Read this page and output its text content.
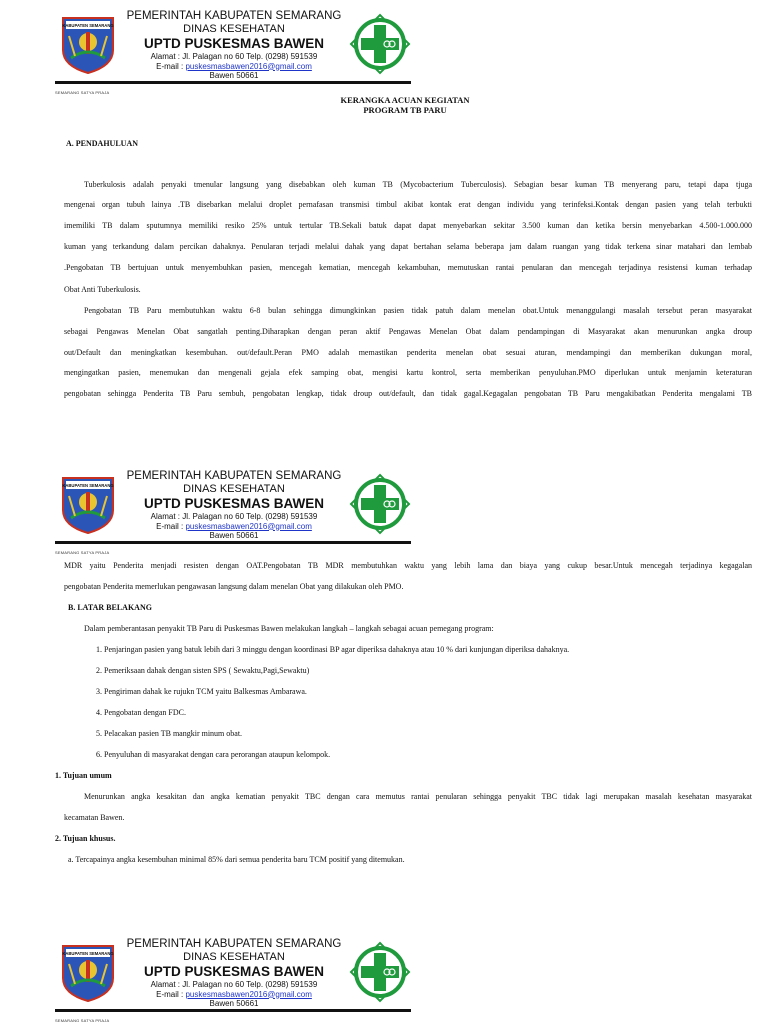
KABUPATEN SEMARANG
SEMARANG SATYA PRAJA
PEMERINTAH KABUPATEN SEMARANG
DINAS KESEHATAN
UPTD PUSKESMAS BAWEN
Alamat : Jl. Palagan no 60 Telp. (0298) 591539
E-mail : puskesmasbawen2016@gmail.com
Bawen 50661
KABUPATEN SEMARANG
SEMARANG SATYA PRAJA
PEMERINTAH KABUPATEN SEMARANG
DINAS KESEHATAN
UPTD PUSKESMAS BAWEN
Alamat : Jl. Palagan no 60 Telp. (0298) 591539
E-mail : puskesmasbawen2016@gmail.com
Bawen 50661
KABUPATEN SEMARANG
SEMARANG SATYA PRAJA
PEMERINTAH KABUPATEN SEMARANG
DINAS KESEHATAN
UPTD PUSKESMAS BAWEN
Alamat : Jl. Palagan no 60 Telp. (0298) 591539
E-mail : puskesmasbawen2016@gmail.com
Bawen 50661
KERANGKA ACUAN KEGIATAN
PROGRAM TB PARU
A. PENDAHULUAN
Tuberkulosis adalah penyaki tmenular langsung yang disebabkan oleh kuman TB (Mycobacterium Tuberculosis). Sebagian besar kuman TB menyerang paru, tetapi dapa tjuga
mengenai organ tubuh lainya .TB disebarkan melalui droplet pernafasan transmisi timbul akibat kontak erat dengan individu yang terinfeksi.Kontak dengan pasien yang telah terbukti
imemiliki TB dalam sputumnya memiliki resiko 25% untuk tertular TB.Sekali batuk dapat dapat menyebarkan sekitar 3.500 kuman dan ketika bersin menyebarkan 4.500-1.000.000
kuman yang terkandung dalam percikan dahaknya. Penularan terjadi melalui dahak yang dapat bertahan selama beberapa jam dalam ruangan yang tidak terkena sinar matahari dan lembab
.Pengobatan TB bertujuan untuk menyembuhkan pasien, mencegah kematian, mencegah kekambuhan, memutuskan rantai penularan dan mencegah terjadinya resistensi kuman terhadap
Obat Anti Tuberkulosis.
Pengobatan TB Paru membutuhkan waktu 6-8 bulan sehingga dimungkinkan pasien tidak patuh dalam menelan obat.Untuk menanggulangi masalah tersebut peran masyarakat
sebagai Pengawas Menelan Obat sangatlah penting.Diharapkan dengan peran aktif Pengawas Menelan Obat dalam pendampingan di Masyarakat akan menurunkan angka droup
out/Default dan meningkatkan kesembuhan. out/default.Peran PMO adalah memastikan penderita menelan obat sesuai aturan, mendampingi dan memberikan dukungan moral,
mengingatkan pasien, menemukan dan mengenali gejala efek samping obat, mengisi kartu kontrol, serta memberikan penyuluhan.PMO diperlukan untuk menjamin keteraturan
pengobatan sehingga Penderita TB Paru sembuh, pengobatan lengkap, tidak droup out/default, dan tidak gagal.Kegagalan pengobatan TB Paru mengakibatkan Penderita mengalami TB
MDR yaitu Penderita menjadi resisten dengan OAT.Pengobatan TB MDR membutuhkan waktu yang lebih lama dan biaya yang cukup besar.Untuk mencegah terjadinya kegagalan
pengobatan Penderita memerlukan pengawasan langsung dalam menelan Obat yang dilakukan oleh PMO.
B. LATAR BELAKANG
Dalam pemberantasan penyakit TB Paru di Puskesmas Bawen melakukan langkah – langkah sebagai acuan pemegang program:
1. Penjaringan pasien yang batuk lebih dari 3 minggu dengan koordinasi BP agar diperiksa dahaknya atau 10 % dari kunjungan diperiksa dahaknya.
2. Pemeriksaan dahak dengan sisten SPS ( Sewaktu,Pagi,Sewaktu)
3. Pengiriman dahak ke rujukn TCM yaitu Balkesmas Ambarawa.
4. Pengobatan dengan FDC.
5. Pelacakan pasien TB mangkir minum obat.
6. Penyuluhan di masyarakat dengan cara perorangan ataupun kelompok.
1. Tujuan umum
Menurunkan angka kesakitan dan angka kematian penyakit TBC dengan cara memutus rantai penularan sehingga penyakit TBC tidak lagi merupakan masalah kesehatan masyarakat
kecamatan Bawen.
2. Tujuan khusus.
a. Tercapainya angka kesembuhan minimal 85% dari semua penderita baru TCM positif yang ditemukan.
